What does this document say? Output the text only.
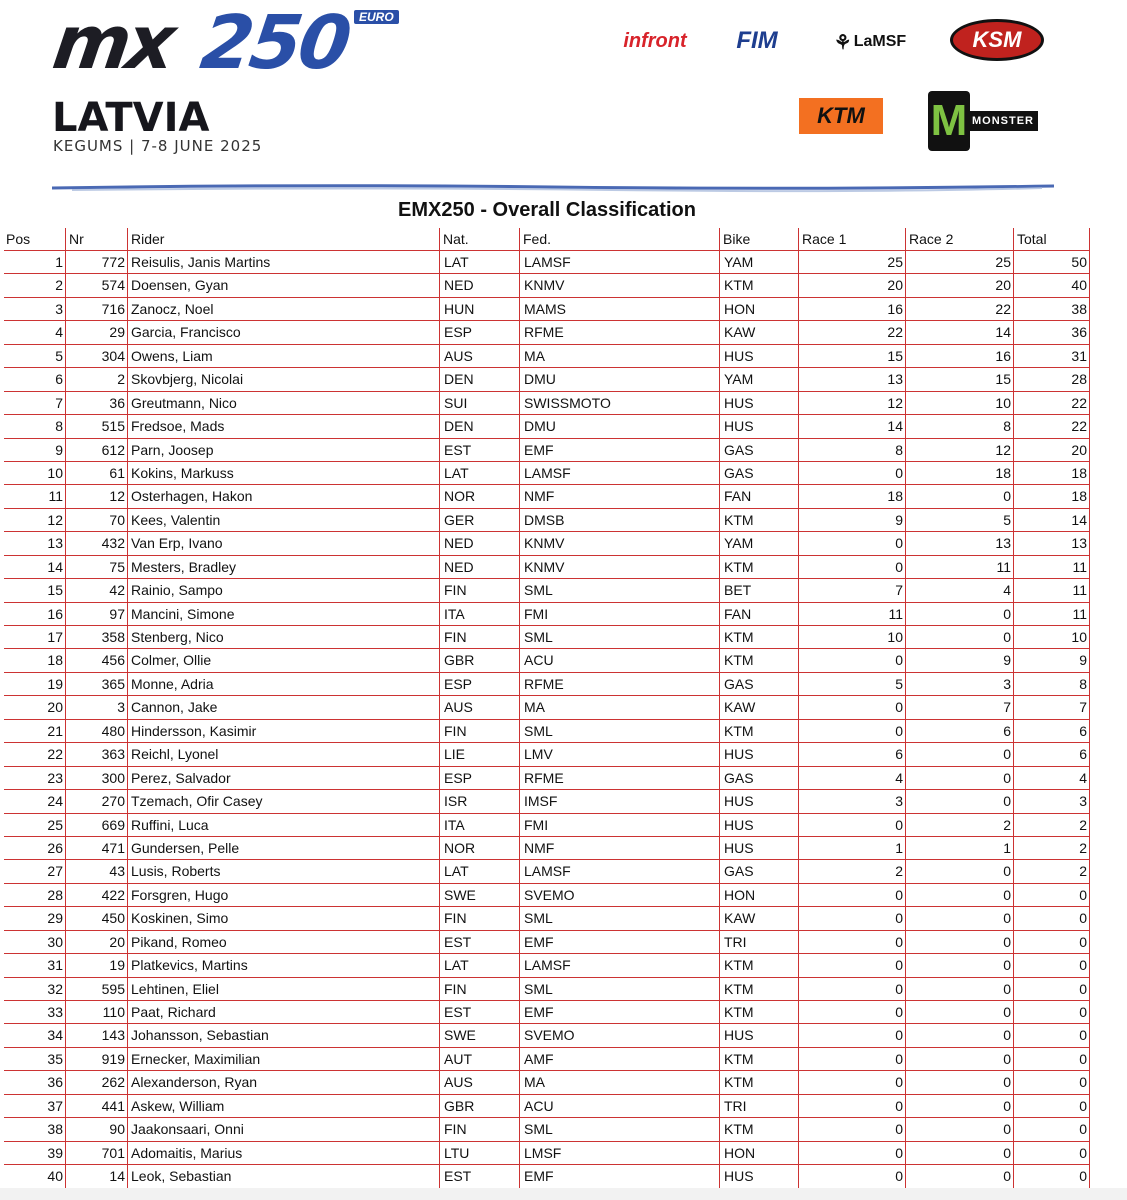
mx 250 EURO
LATVIA
KEGUMS | 7-8 JUNE 2025
infront FIM	⚘ LaMSF	KSM
KTM	M MONSTER
EMX250 - Overall Classification
Pos	Nr	Rider	Nat.	Fed.	Bike	Race 1	Race 2	Total
1	772 Reisulis, Janis Martins	LAT	LAMSF	YAM	25	25	50
2	574 Doensen, Gyan	NED	KNMV	KTM	20	20	40
3	716 Zanocz, Noel	HUN	MAMS	HON	16	22	38
4	29 Garcia, Francisco	ESP	RFME	KAW	22	14	36
5	304 Owens, Liam	AUS	MA	HUS	15	16	31
6	2 Skovbjerg, Nicolai	DEN	DMU	YAM	13	15	28
7	36 Greutmann, Nico	SUI	SWISSMOTO	HUS	12	10	22
8	515 Fredsoe, Mads	DEN	DMU	HUS	14	8	22
9	612 Parn, Joosep	EST	EMF	GAS	8	12	20
10	61 Kokins, Markuss	LAT	LAMSF	GAS	0	18	18
11	12 Osterhagen, Hakon	NOR	NMF	FAN	18	0	18
12	70 Kees, Valentin	GER	DMSB	KTM	9	5	14
13	432 Van Erp, Ivano	NED	KNMV	YAM	0	13	13
14	75 Mesters, Bradley	NED	KNMV	KTM	0	11	11
15	42 Rainio, Sampo	FIN	SML	BET	7	4	11
16	97 Mancini, Simone	ITA	FMI	FAN	11	0	11
17	358 Stenberg, Nico	FIN	SML	KTM	10	0	10
18	456 Colmer, Ollie	GBR	ACU	KTM	0	9	9
19	365 Monne, Adria	ESP	RFME	GAS	5	3	8
20	3 Cannon, Jake	AUS	MA	KAW	0	7	7
21	480 Hindersson, Kasimir	FIN	SML	KTM	0	6	6
22	363 Reichl, Lyonel	LIE	LMV	HUS	6	0	6
23	300 Perez, Salvador	ESP	RFME	GAS	4	0	4
24	270 Tzemach, Ofir Casey	ISR	IMSF	HUS	3	0	3
25	669 Ruffini, Luca	ITA	FMI	HUS	0	2	2
26	471 Gundersen, Pelle	NOR	NMF	HUS	1	1	2
27	43 Lusis, Roberts	LAT	LAMSF	GAS	2	0	2
28	422 Forsgren, Hugo	SWE	SVEMO	HON	0	0	0
29	450 Koskinen, Simo	FIN	SML	KAW	0	0	0
30	20 Pikand, Romeo	EST	EMF	TRI	0	0	0
31	19 Platkevics, Martins	LAT	LAMSF	KTM	0	0	0
32	595 Lehtinen, Eliel	FIN	SML	KTM	0	0	0
33	110 Paat, Richard	EST	EMF	KTM	0	0	0
34	143 Johansson, Sebastian	SWE	SVEMO	HUS	0	0	0
35	919 Ernecker, Maximilian	AUT	AMF	KTM	0	0	0
36	262 Alexanderson, Ryan	AUS	MA	KTM	0	0	0
37	441 Askew, William	GBR	ACU	TRI	0	0	0
38	90 Jaakonsaari, Onni	FIN	SML	KTM	0	0	0
39	701 Adomaitis, Marius	LTU	LMSF	HON	0	0	0
40	14 Leok, Sebastian	EST	EMF	HUS	0	0	0
